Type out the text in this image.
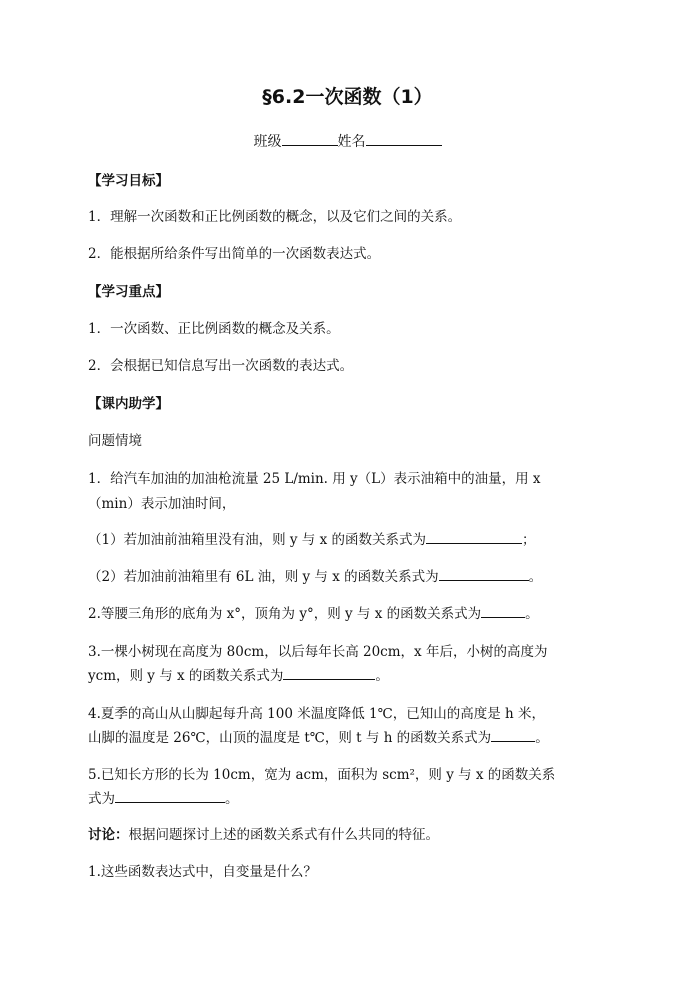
§6.2一次函数（1）
班级	姓名
【学习目标】
1．理解一次函数和正比例函数的概念，以及它们之间的关系。
2．能根据所给条件写出简单的一次函数表达式。
【学习重点】
1．一次函数、正比例函数的概念及关系。
2．会根据已知信息写出一次函数的表达式。
【课内助学】
问题情境
1．给汽车加油的加油枪流量 25 L/min. 用 y（L）表示油箱中的油量，用 x
（min）表示加油时间，
（1）若加油前油箱里没有油，则 y 与 x 的函数关系式为	；
（2）若加油前油箱里有 6L 油，则 y 与 x 的函数关系式为	。
2.等腰三角形的底角为 x°，顶角为 y°，则 y 与 x 的函数关系式为	。
3.一棵小树现在高度为 80cm，以后每年长高 20cm，x 年后，小树的高度为
ycm，则 y 与 x 的函数关系式为	。
4.夏季的高山从山脚起每升高 100 米温度降低 1℃，已知山的高度是 h 米，
山脚的温度是 26℃，山顶的温度是 t℃，则 t 与 h 的函数关系式为	。
5.已知长方形的长为 10cm，宽为 acm，面积为 scm²，则 y 与 x 的函数关系
式为	。
讨论：根据问题探讨上述的函数关系式有什么共同的特征。
1.这些函数表达式中，自变量是什么？
